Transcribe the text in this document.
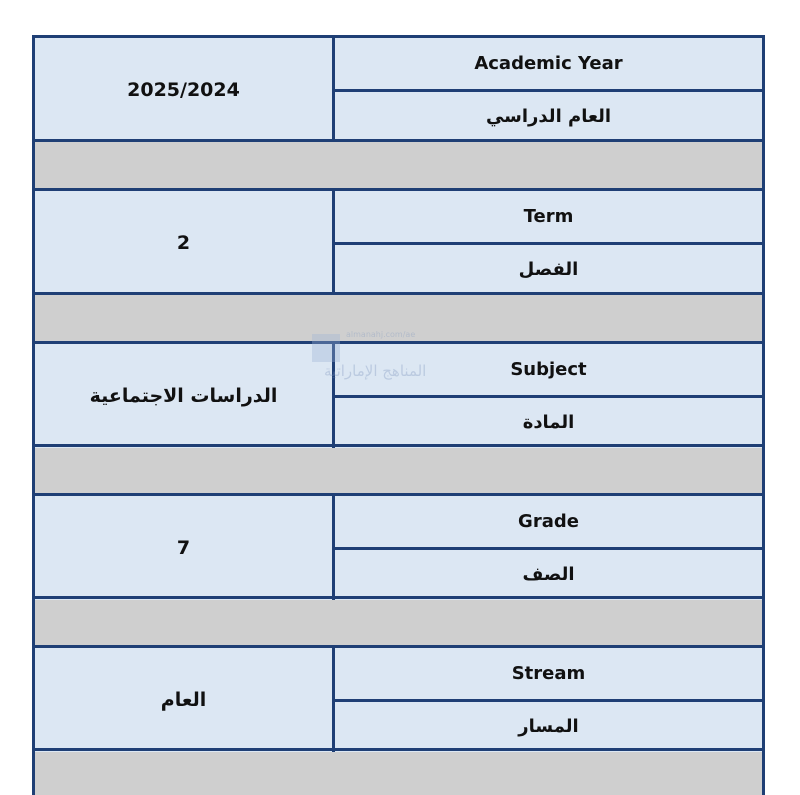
2025/2024
Academic Year
العام الدراسي
2
Term
الفصل
الدراسات الاجتماعية
Subject
المادة
7
Grade
الصف
العام
Stream
المسار
almanahj.com/ae
المناهج الإماراتية
